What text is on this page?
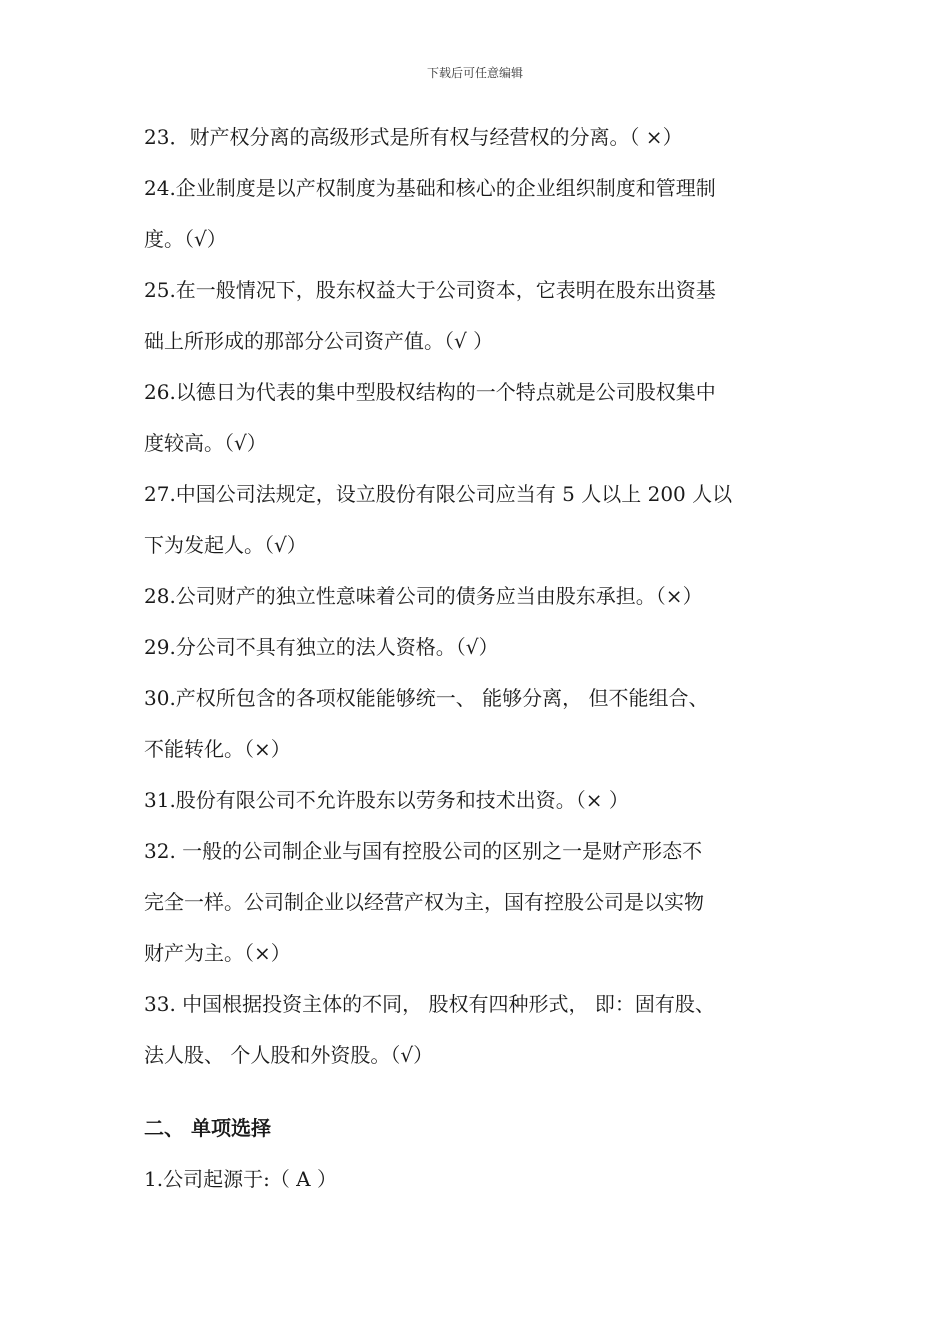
下载后可任意编辑
23．财产权分离的高级形式是所有权与经营权的分离。（ ×）
24.企业制度是以产权制度为基础和核心的企业组织制度和管理制
度。（√）
25.在一般情况下，股东权益大于公司资本，它表明在股东出资基
础上所形成的那部分公司资产值。（√ ）
26.以德日为代表的集中型股权结构的一个特点就是公司股权集中
度较高。（√）
27.中国公司法规定，设立股份有限公司应当有 5 人以上 200 人以
下为发起人。（√）
28.公司财产的独立性意味着公司的债务应当由股东承担。（×）
29.分公司不具有独立的法人资格。（√）
30.产权所包含的各项权能能够统一、 能够分离， 但不能组合、
不能转化。（×）
31.股份有限公司不允许股东以劳务和技术出资。（× ）
32. 一般的公司制企业与国有控股公司的区别之一是财产形态不
完全一样。公司制企业以经营产权为主，国有控股公司是以实物
财产为主。（×）
33. 中国根据投资主体的不同， 股权有四种形式， 即：固有股、
法人股、 个人股和外资股。（√）
二、 单项选择
1.公司起源于:（ A ）
